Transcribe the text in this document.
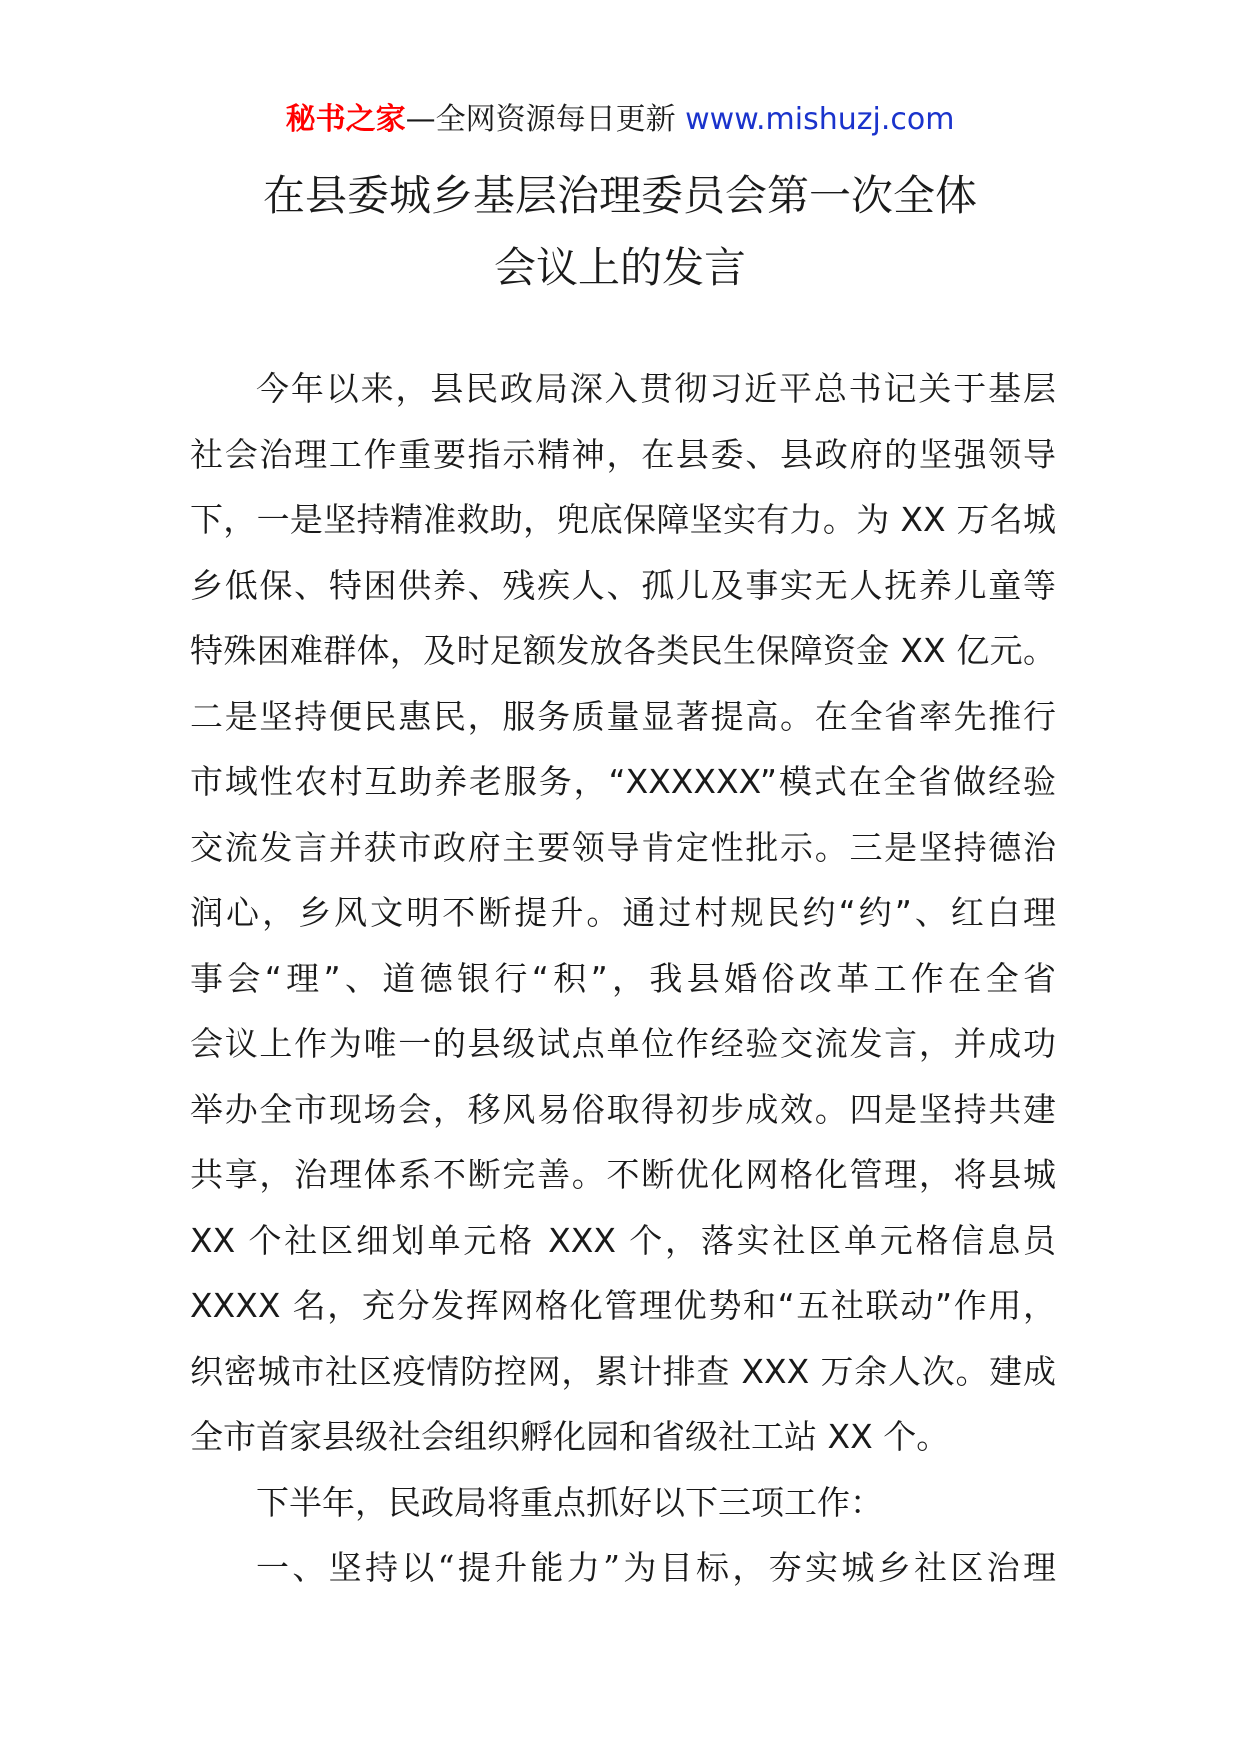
秘书之家—全网资源每日更新 www.mishuzj.com
在县委城乡基层治理委员会第一次全体
会议上的发言
今年以来，县民政局深入贯彻习近平总书记关于基层
社会治理工作重要指示精神，在县委、县政府的坚强领导
下，一是坚持精准救助，兜底保障坚实有力。为 XX 万名城
乡低保、特困供养、残疾人、孤儿及事实无人抚养儿童等
特殊困难群体，及时足额发放各类民生保障资金 XX 亿元。
二是坚持便民惠民，服务质量显著提高。在全省率先推行
市域性农村互助养老服务，“XXXXXX”模式在全省做经验
交流发言并获市政府主要领导肯定性批示。三是坚持德治
润心，乡风文明不断提升。通过村规民约“约”、红白理
事会“理”、道德银行“积”，我县婚俗改革工作在全省
会议上作为唯一的县级试点单位作经验交流发言，并成功
举办全市现场会，移风易俗取得初步成效。四是坚持共建
共享，治理体系不断完善。不断优化网格化管理，将县城
XX 个社区细划单元格 XXX 个，落实社区单元格信息员
XXXX 名，充分发挥网格化管理优势和“五社联动”作用，
织密城市社区疫情防控网，累计排查 XXX 万余人次。建成
全市首家县级社会组织孵化园和省级社工站 XX 个。
下半年，民政局将重点抓好以下三项工作：
一、坚持以“提升能力”为目标，夯实城乡社区治理
